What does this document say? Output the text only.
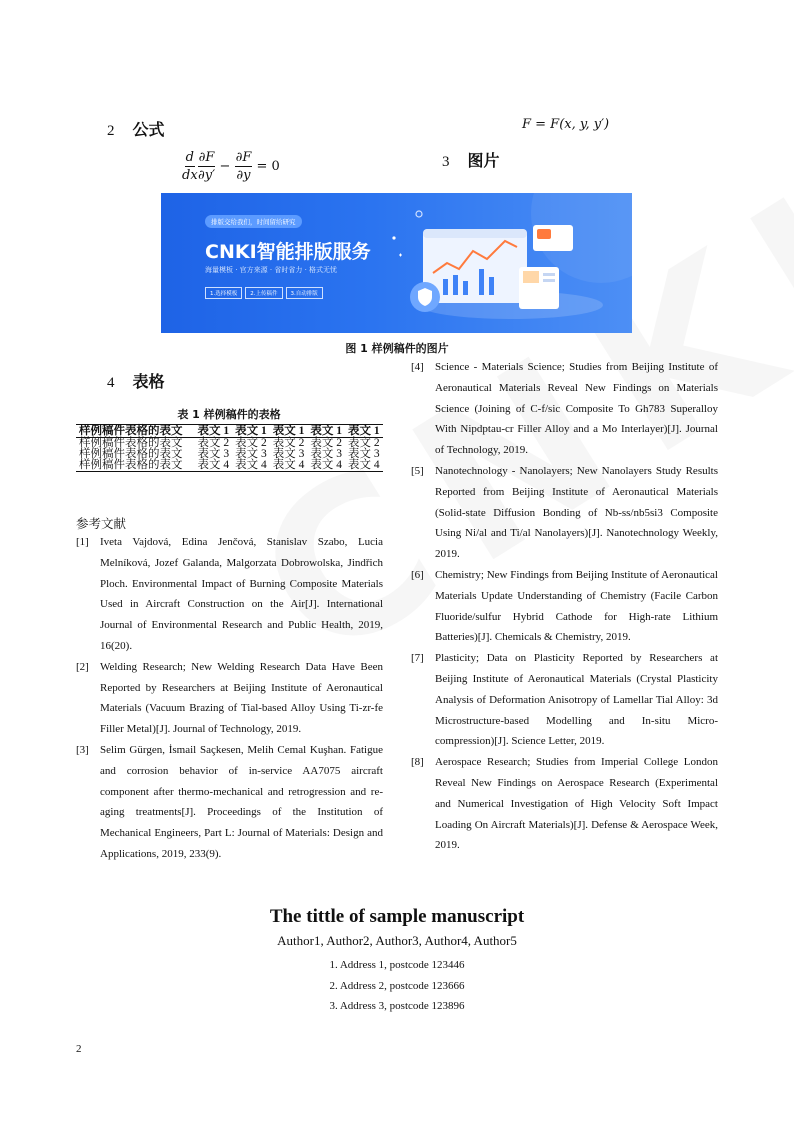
2 公式
$\frac{d}{dx} \frac{\partial F}{\partial y'} - \frac{\partial F}{\partial y} = 0$
F = F(x, y, y′)
3 图片
排版交给我们，时间留给研究
CNKI智能排版服务
海量模板 · 官方来源 · 省时省力 · 格式无忧
1.选择模板	2.上传稿件	3.自动排版
图 1 样例稿件的图片
4 表格
表 1 样例稿件的表格
样例稿件表格的表文	表文 1	表文 1	表文 1	表文 1	表文 1
样例稿件表格的表文	表文 2	表文 2	表文 2	表文 2	表文 2
样例稿件表格的表文	表文 3	表文 3	表文 3	表文 3	表文 3
样例稿件表格的表文	表文 4	表文 4	表文 4	表文 4	表文 4
参考文献
[1]	Iveta Vajdová, Edina Jenčová, Stanislav Szabo, Lucia Melníková, Jozef Galanda, Malgorzata Dobrowolska, Jindřich Ploch. Environmental Impact of Burning Composite Materials Used in Aircraft Construction on the Air[J]. International Journal of Environmental Research and Public Health, 2019, 16(20).
[2]	Welding Research; New Welding Research Data Have Been Reported by Researchers at Beijing Institute of Aeronautical Materials (Vacuum Brazing of Tial-based Alloy Using Ti-zr-fe Filler Metal)[J]. Journal of Technology, 2019.
[3]	Selim Gürgen, İsmail Saçkesen, Melih Cemal Kuşhan. Fatigue and corrosion behavior of in-service AA7075 aircraft component after thermo-mechanical and retrogression and re-aging treatments[J]. Proceedings of the Institution of Mechanical Engineers, Part L: Journal of Materials: Design and Applications, 2019, 233(9).
[4]	Science - Materials Science; Studies from Beijing Institute of Aeronautical Materials Reveal New Findings on Materials Science (Joining of C-f/sic Composite To Gh783 Superalloy With Nipdptau-cr Filler Alloy and a Mo Interlayer)[J]. Journal of Technology, 2019.
[5]	Nanotechnology - Nanolayers; New Nanolayers Study Results Reported from Beijing Institute of Aeronautical Materials (Solid-state Diffusion Bonding of Nb-ss/nb5si3 Composite Using Ni/al and Ti/al Nanolayers)[J]. Nanotechnology Weekly, 2019.
[6]	Chemistry; New Findings from Beijing Institute of Aeronautical Materials Update Understanding of Chemistry (Facile Carbon Fluoride/sulfur Hybrid Cathode for High-rate Lithium Batteries)[J]. Chemicals & Chemistry, 2019.
[7]	Plasticity; Data on Plasticity Reported by Researchers at Beijing Institute of Aeronautical Materials (Crystal Plasticity Analysis of Deformation Anisotropy of Lamellar Tial Alloy: 3d Microstructure-based Modelling and In-situ Micro-compression)[J]. Science Letter, 2019.
[8]	Aerospace Research; Studies from Imperial College London Reveal New Findings on Aerospace Research (Experimental and Numerical Investigation of High Velocity Soft Impact Loading On Aircraft Materials)[J]. Defense & Aerospace Week, 2019.
The tittle of sample manuscript
Author1, Author2, Author3, Author4, Author5
1. Address 1, postcode 123446
2. Address 2, postcode 123666
3. Address 3, postcode 123896
2
